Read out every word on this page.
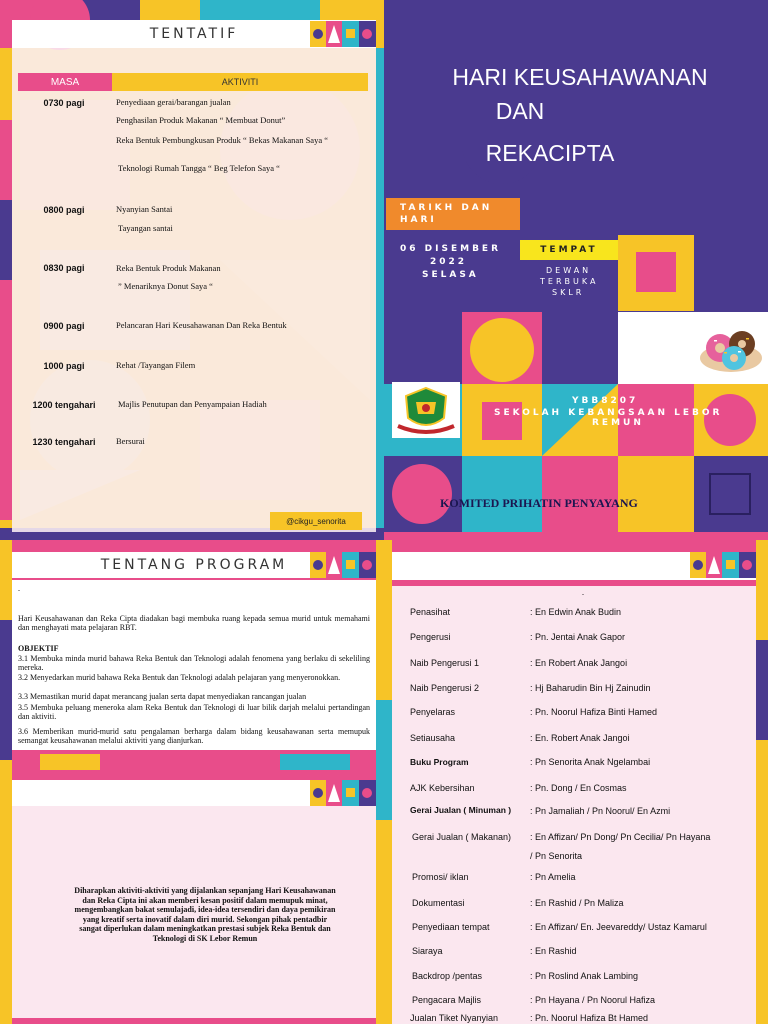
TENTATIF
MASA	AKTIVITI
0730 pagi	Penyediaan gerai/barangan jualan
Penghasilan Produk Makanan “ Membuat Donut”
Reka Bentuk Pembungkusan Produk “ Bekas Makanan Saya “
Teknologi Rumah Tangga “ Beg Telefon Saya “
0800 pagi	Nyanyian Santai
Tayangan santai
0830 pagi	Reka Bentuk Produk Makanan
” Menariknya Donut Saya “
0900 pagi	Pelancaran Hari Keusahawanan Dan Reka Bentuk
1000 pagi	Rehat /Tayangan Filem
1200 tengahari	Majlis Penutupan dan Penyampaian Hadiah
1230 tengahari	Bersurai
@cikgu_senorita
HARI KEUSAHAWANAN
DAN
REKACIPTA
TARIKH DAN
HARI
06 DISEMBER
2022
SELASA
TEMPAT
DEWAN
TERBUKA
SKLR
YBB8207
SEKOLAH KEBANGSAAN LEBOR
REMUN
KOMITED PRIHATIN PENYAYANG
TENTANG PROGRAM
.
Hari Keusahawanan dan Reka Cipta diadakan bagi membuka ruang kepada semua murid untuk memahami dan menghayati mata pelajaran RBT.
OBJEKTIF
3.1 Membuka minda murid bahawa Reka Bentuk dan Teknologi adalah fenomena yang berlaku di sekeliling mereka.
3.2 Menyedarkan murid bahawa Reka Bentuk dan Teknologi adalah pelajaran yang menyeronokkan.
3.3 Memastikan murid dapat merancang jualan serta dapat menyediakan rancangan jualan
3.5 Membuka peluang meneroka alam Reka Bentuk dan Teknologi di luar bilik darjah melalui pertandingan dan aktiviti.
3.6 Memberikan murid-murid satu pengalaman berharga dalam bidang keusahawanan serta memupuk semangat keusahawanan melalui aktiviti yang dianjurkan.
Diharapkan aktiviti-aktiviti yang dijalankan sepanjang Hari Keusahawanan dan Reka Cipta ini akan memberi kesan positif dalam memupuk minat, mengembangkan bakat semulajadi, idea-idea tersendiri dan daya pemikiran yang kreatif serta inovatif dalam diri murid. Sekongan pihak pentadbir sangat diperlukan dalam meningkatkan prestasi subjek Reka Bentuk dan Teknologi di SK Lebor Remun
.
Penasihat	: En Edwin Anak Budin
Pengerusi	: Pn. Jentai Anak Gapor
Naib Pengerusi 1	: En Robert Anak Jangoi
Naib Pengerusi 2	: Hj Baharudin Bin Hj Zainudin
Penyelaras	: Pn. Noorul Hafiza Binti Hamed
Setiausaha	: En. Robert Anak Jangoi
Buku Program	: Pn Senorita Anak Ngelambai
AJK Kebersihan	: Pn. Dong / En Cosmas
Gerai Jualan ( Minuman )	: Pn Jamaliah / Pn Noorul/ En Azmi
Gerai Jualan ( Makanan)	: En Affizan/ Pn Dong/ Pn Cecilia/ Pn Hayana
/ Pn Senorita
Promosi/ iklan	: Pn Amelia
Dokumentasi	: En Rashid / Pn Maliza
Penyediaan tempat	: En Affizan/ En. Jeevareddy/ Ustaz Kamarul
Siaraya	: En Rashid
Backdrop /pentas	: Pn Roslind Anak Lambing
Pengacara Majlis	: Pn Hayana / Pn Noorul Hafiza
Jualan Tiket Nyanyian	: Pn. Noorul Hafiza Bt Hamed
